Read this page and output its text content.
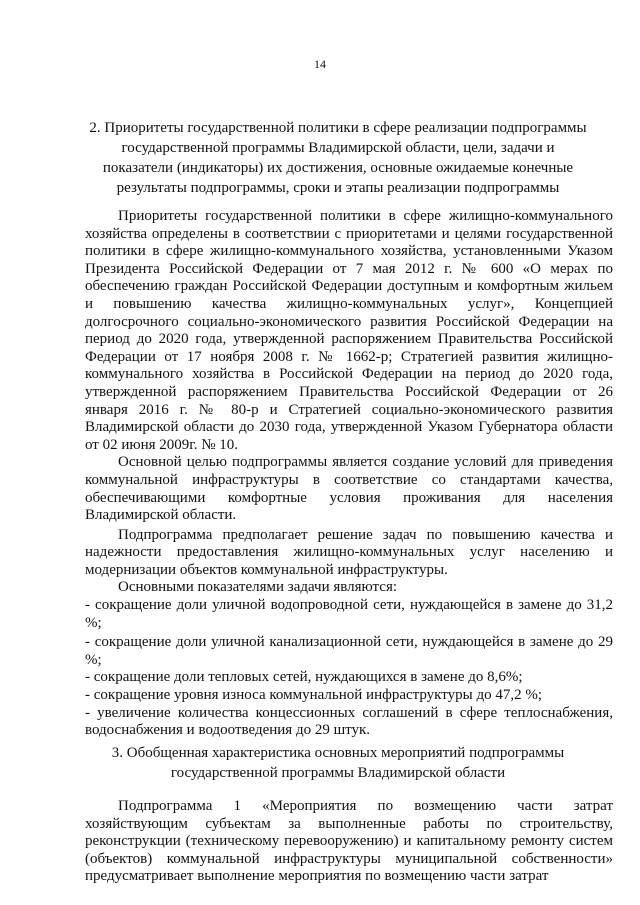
14
2. Приоритеты государственной политики в сфере реализации подпрограммы
государственной программы Владимирской области, цели, задачи и
показатели (индикаторы) их достижения, основные ожидаемые конечные
результаты подпрограммы, сроки и этапы реализации подпрограммы

Приоритеты государственной политики в сфере жилищно-коммунального хозяйства определены в соответствии с приоритетами и целями государственной политики в сфере жилищно-коммунального хозяйства, установленными Указом Президента Российской Федерации от 7 мая 2012 г. № 600 «О мерах по обеспечению граждан Российской Федерации доступным и комфортным жильем и повышению качества жилищно-коммунальных услуг», Концепцией долгосрочного социально-экономического развития Российской Федерации на период до 2020 года, утвержденной распоряжением Правительства Российской Федерации от 17 ноября 2008 г. № 1662-р; Стратегией развития жилищно-коммунального хозяйства в Российской Федерации на период до 2020 года, утвержденной распоряжением Правительства Российской Федерации от 26 января 2016 г. № 80-р и Стратегией социально-экономического развития Владимирской области до 2030 года, утвержденной Указом Губернатора области от 02 июня 2009г. № 10.

Основной целью подпрограммы является создание условий для приведения коммунальной инфраструктуры в соответствие со стандартами качества, обеспечивающими комфортные условия проживания для населения Владимирской области.

Подпрограмма предполагает решение задач по повышению качества и надежности предоставления жилищно-коммунальных услуг населению и модернизации объектов коммунальной инфраструктуры.

Основными показателями задачи являются:

- сокращение доли уличной водопроводной сети, нуждающейся в замене до 31,2 %;

- сокращение доли уличной канализационной сети, нуждающейся в замене до 29 %;

- сокращение доли тепловых сетей, нуждающихся в замене до 8,6%;

- сокращение уровня износа коммунальной инфраструктуры до 47,2 %;

- увеличение количества концессионных соглашений в сфере теплоснабжения, водоснабжения и водоотведения до 29 штук.

3. Обобщенная характеристика основных мероприятий подпрограммы
государственной программы Владимирской области

Подпрограмма 1 «Мероприятия по возмещению части затрат хозяйствующим субъектам за выполненные работы по строительству, реконструкции (техническому перевооружению) и капитальному ремонту систем (объектов) коммунальной инфраструктуры муниципальной собственности» предусматривает выполнение мероприятия по возмещению части затрат
